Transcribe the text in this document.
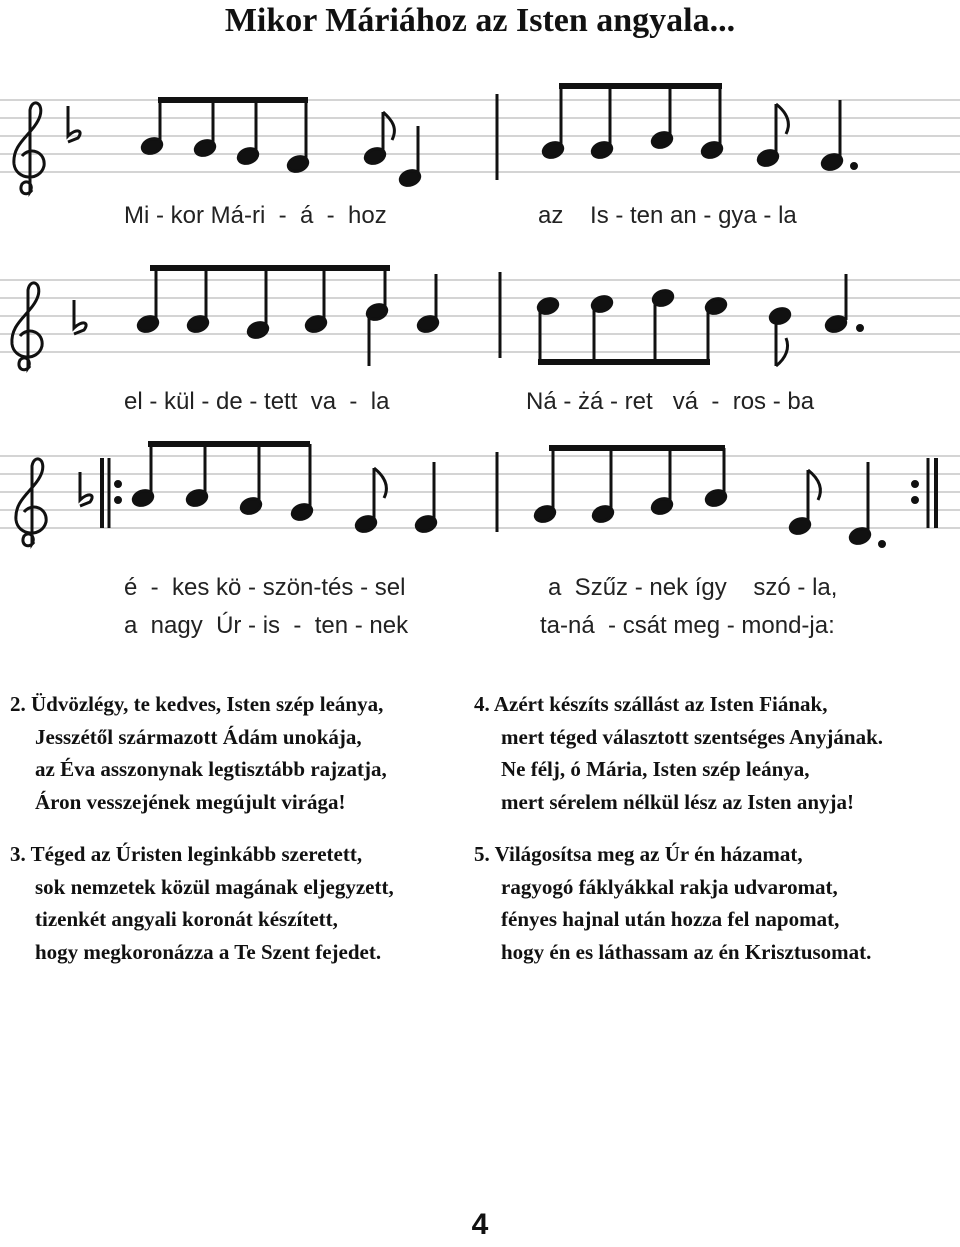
Mikor Máriához az Isten angyala...
Mi - kor Má-ri  -  á  -  hoz	az    Is - ten an - gya - la
el - kül - de - tett  va  -  la	Ná - żá - ret   vá  -  ros - ba
é  -  kes kö - szön-tés - sel	a  Szűz - nek így    szó - la,
a  nagy  Úr - is  -  ten - nek	ta-ná  - csát meg - mond-ja:
2. Üdvözlégy, te kedves, Isten szép leánya,
Jesszétől származott Ádám unokája,
az Éva asszonynak legtisztább rajzatja,
Áron vesszejének megújult virága!
3. Téged az Úristen leginkább szeretett,
sok nemzetek közül magának eljegyzett,
tizenkét angyali koronát készített,
hogy megkoronázza a Te Szent fejedet.
4. Azért készíts szállást az Isten Fiának,
mert téged választott szentséges Anyjának.
Ne félj, ó Mária, Isten szép leánya,
mert sérelem nélkül lész az Isten anyja!
5. Világosítsa meg az Úr én házamat,
ragyogó fáklyákkal rakja udvaromat,
fényes hajnal után hozza fel napomat,
hogy én es láthassam az én Krisztusomat.
4
